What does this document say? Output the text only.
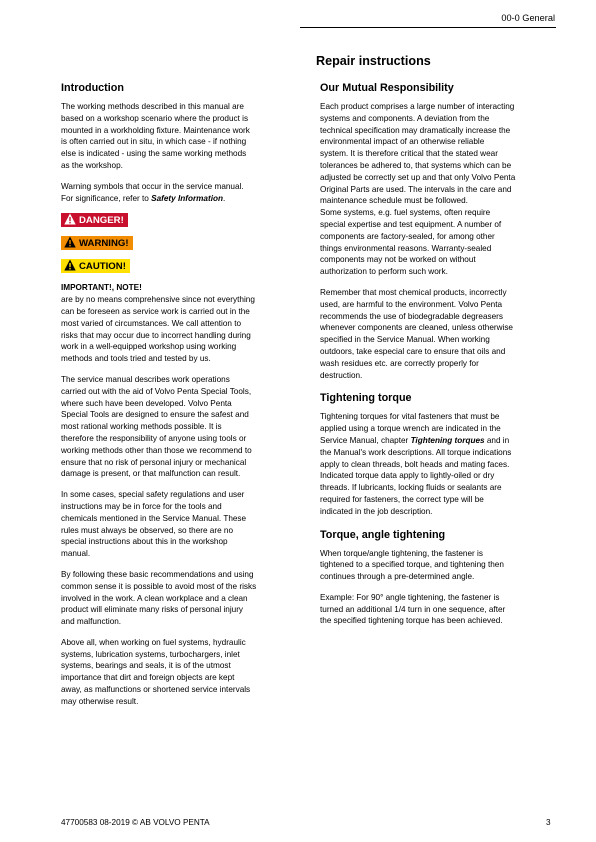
00-0 General
Repair instructions
Introduction

The working methods described in this manual are
based on a workshop scenario where the product is
mounted in a workholding fixture. Maintenance work
is often carried out in situ, in which case - if nothing
else is indicated - using the same working methods
as the workshop.

Warning symbols that occur in the service manual.
For significance, refer to Safety Information.

DANGER!
WARNING!
CAUTION!
IMPORTANT!, NOTE!

are by no means comprehensive since not everything
can be foreseen as service work is carried out in the
most varied of circumstances. We call attention to
risks that may occur due to incorrect handling during
work in a well-equipped workshop using working
methods and tools tried and tested by us.

The service manual describes work operations
carried out with the aid of Volvo Penta Special Tools,
where such have been developed. Volvo Penta
Special Tools are designed to ensure the safest and
most rational working methods possible. It is
therefore the responsibility of anyone using tools or
working methods other than those we recommend to
ensure that no risk of personal injury or mechanical
damage is present, or that malfunction can result.

In some cases, special safety regulations and user
instructions may be in force for the tools and
chemicals mentioned in the Service Manual. These
rules must always be observed, so there are no
special instructions about this in the workshop
manual.

By following these basic recommendations and using
common sense it is possible to avoid most of the risks
involved in the work. A clean workplace and a clean
product will eliminate many risks of personal injury
and malfunction.

Above all, when working on fuel systems, hydraulic
systems, lubrication systems, turbochargers, inlet
systems, bearings and seals, it is of the utmost
importance that dirt and foreign objects are kept
away, as malfunctions or shortened service intervals
may otherwise result.

Our Mutual Responsibility

Each product comprises a large number of interacting
systems and components. A deviation from the
technical specification may dramatically increase the
environmental impact of an otherwise reliable
system. It is therefore critical that the stated wear
tolerances be adhered to, that systems which can be
adjusted be correctly set up and that only Volvo Penta
Original Parts are used. The intervals in the care and
maintenance schedule must be followed.
Some systems, e.g. fuel systems, often require
special expertise and test equipment. A number of
components are factory-sealed, for among other
things environmental reasons. Warranty-sealed
components may not be worked on without
authorization to perform such work.

Remember that most chemical products, incorrectly
used, are harmful to the environment. Volvo Penta
recommends the use of biodegradable degreasers
whenever components are cleaned, unless otherwise
specified in the Service Manual. When working
outdoors, take especial care to ensure that oils and
wash residues etc. are correctly properly for
destruction.

Tightening torque

Tightening torques for vital fasteners that must be
applied using a torque wrench are indicated in the
Service Manual, chapter Tightening torques and in
the Manual's work descriptions. All torque indications
apply to clean threads, bolt heads and mating faces.
Indicated torque data apply to lightly-oiled or dry
threads. If lubricants, locking fluids or sealants are
required for fasteners, the correct type will be
indicated in the job description.

Torque, angle tightening

When torque/angle tightening, the fastener is
tightened to a specified torque, and tightening then
continues through a pre-determined angle.

Example: For 90° angle tightening, the fastener is
turned an additional 1/4 turn in one sequence, after
the specified tightening torque has been achieved.

47700583 08-2019 © AB VOLVO PENTA	3
